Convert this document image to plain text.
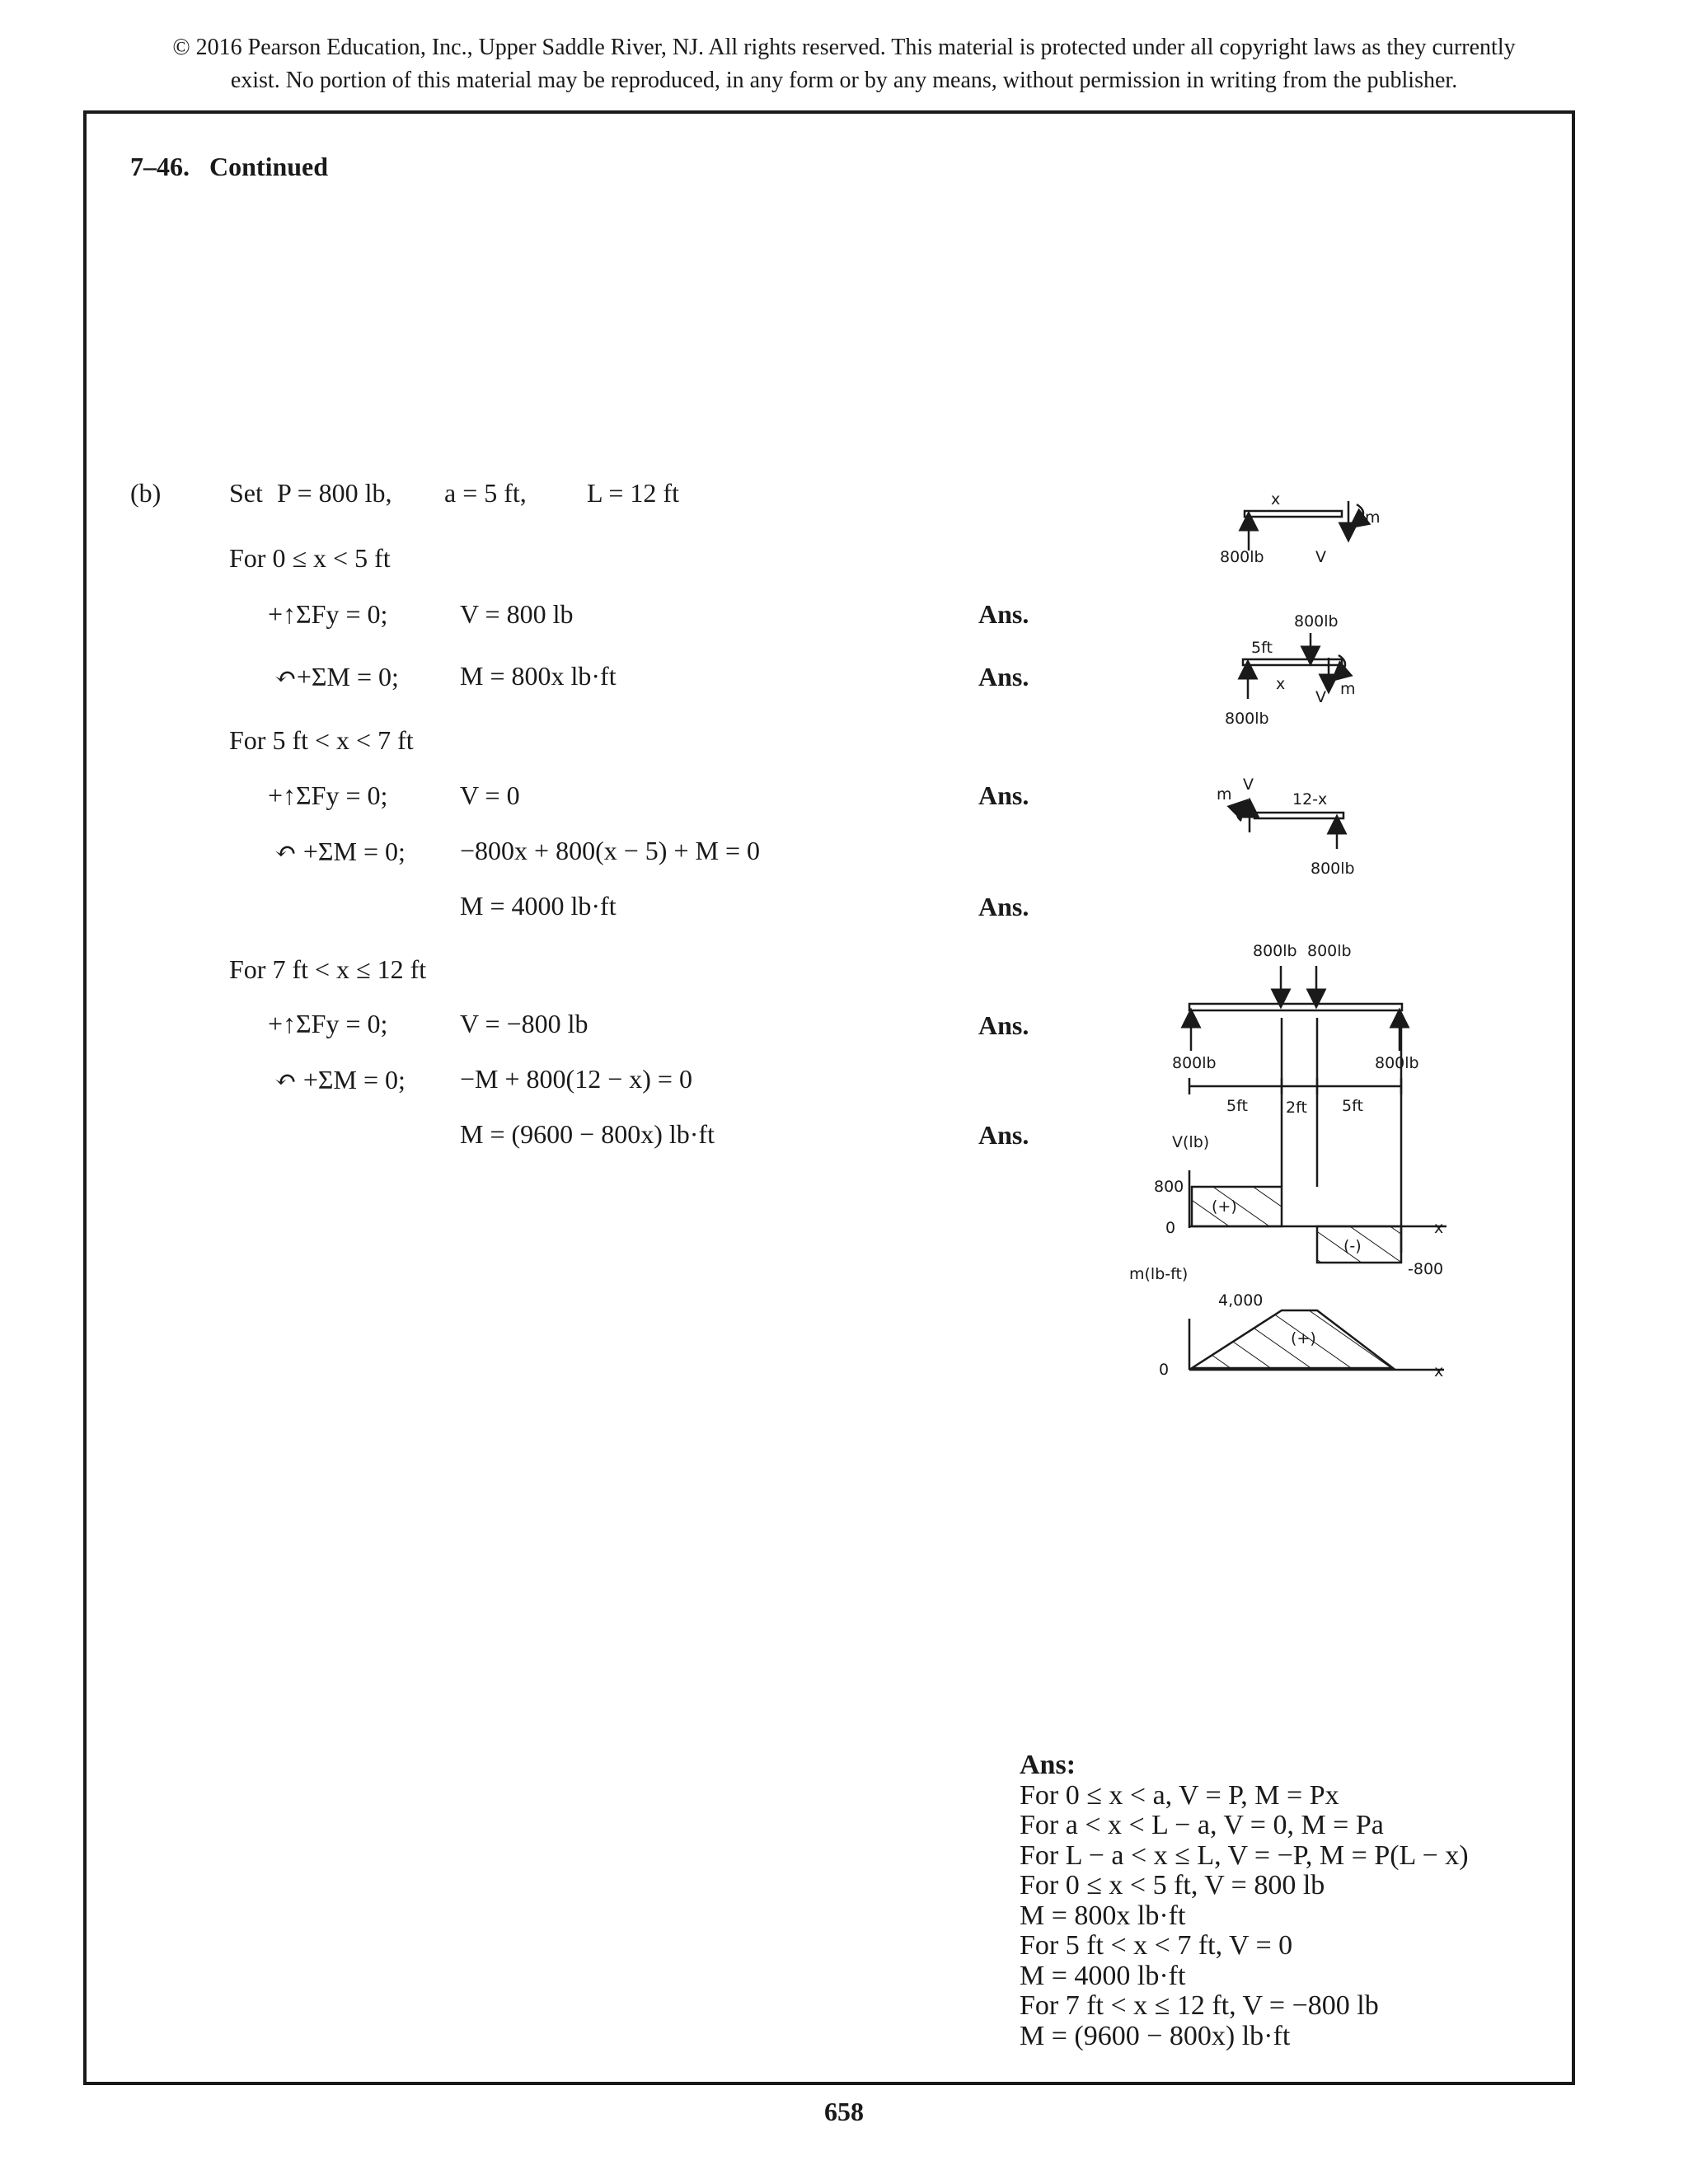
© 2016 Pearson Education, Inc., Upper Saddle River, NJ. All rights reserved. This material is protected under all copyright laws as they currently
exist. No portion of this material may be reproduced, in any form or by any means, without permission in writing from the publisher.
7–46. Continued
(b)	Set P = 800 lb, a = 5 ft, L = 12 ft
For 0 ≤ x < 5 ft
+↑ΣFy = 0;	V = 800 lb	Ans.
↶+ΣM = 0; M = 800x lb·ft	Ans.
For 5 ft < x < 7 ft
+↑ΣFy = 0;	V = 0	Ans.
↶ +ΣM = 0; −800x + 800(x − 5) + M = 0
M = 4000 lb·ft	Ans.
For 7 ft < x ≤ 12 ft
+↑ΣFy = 0;	V = −800 lb	Ans.
↶ +ΣM = 0; −M + 800(12 − x) = 0
M = (9600 − 800x) lb·ft	Ans.
x
m
V
800lb
800lb
5ft
x
V m
800lb
m
V
12-x
800lb
800lb 800lb
800lb	800lb
5ft 2ft 5ft
V(lb)
800
0
(+)
(-)
-800
x
m(lb-ft)
4,000
0
(+)
x
Ans:
For 0 ≤ x < a, V = P, M = Px
For a < x < L − a, V = 0, M = Pa
For L − a < x ≤ L, V = −P, M = P(L − x)
For 0 ≤ x < 5 ft, V = 800 lb
M = 800x lb·ft
For 5 ft < x < 7 ft, V = 0
M = 4000 lb·ft
For 7 ft < x ≤ 12 ft, V = −800 lb
M = (9600 − 800x) lb·ft
658
